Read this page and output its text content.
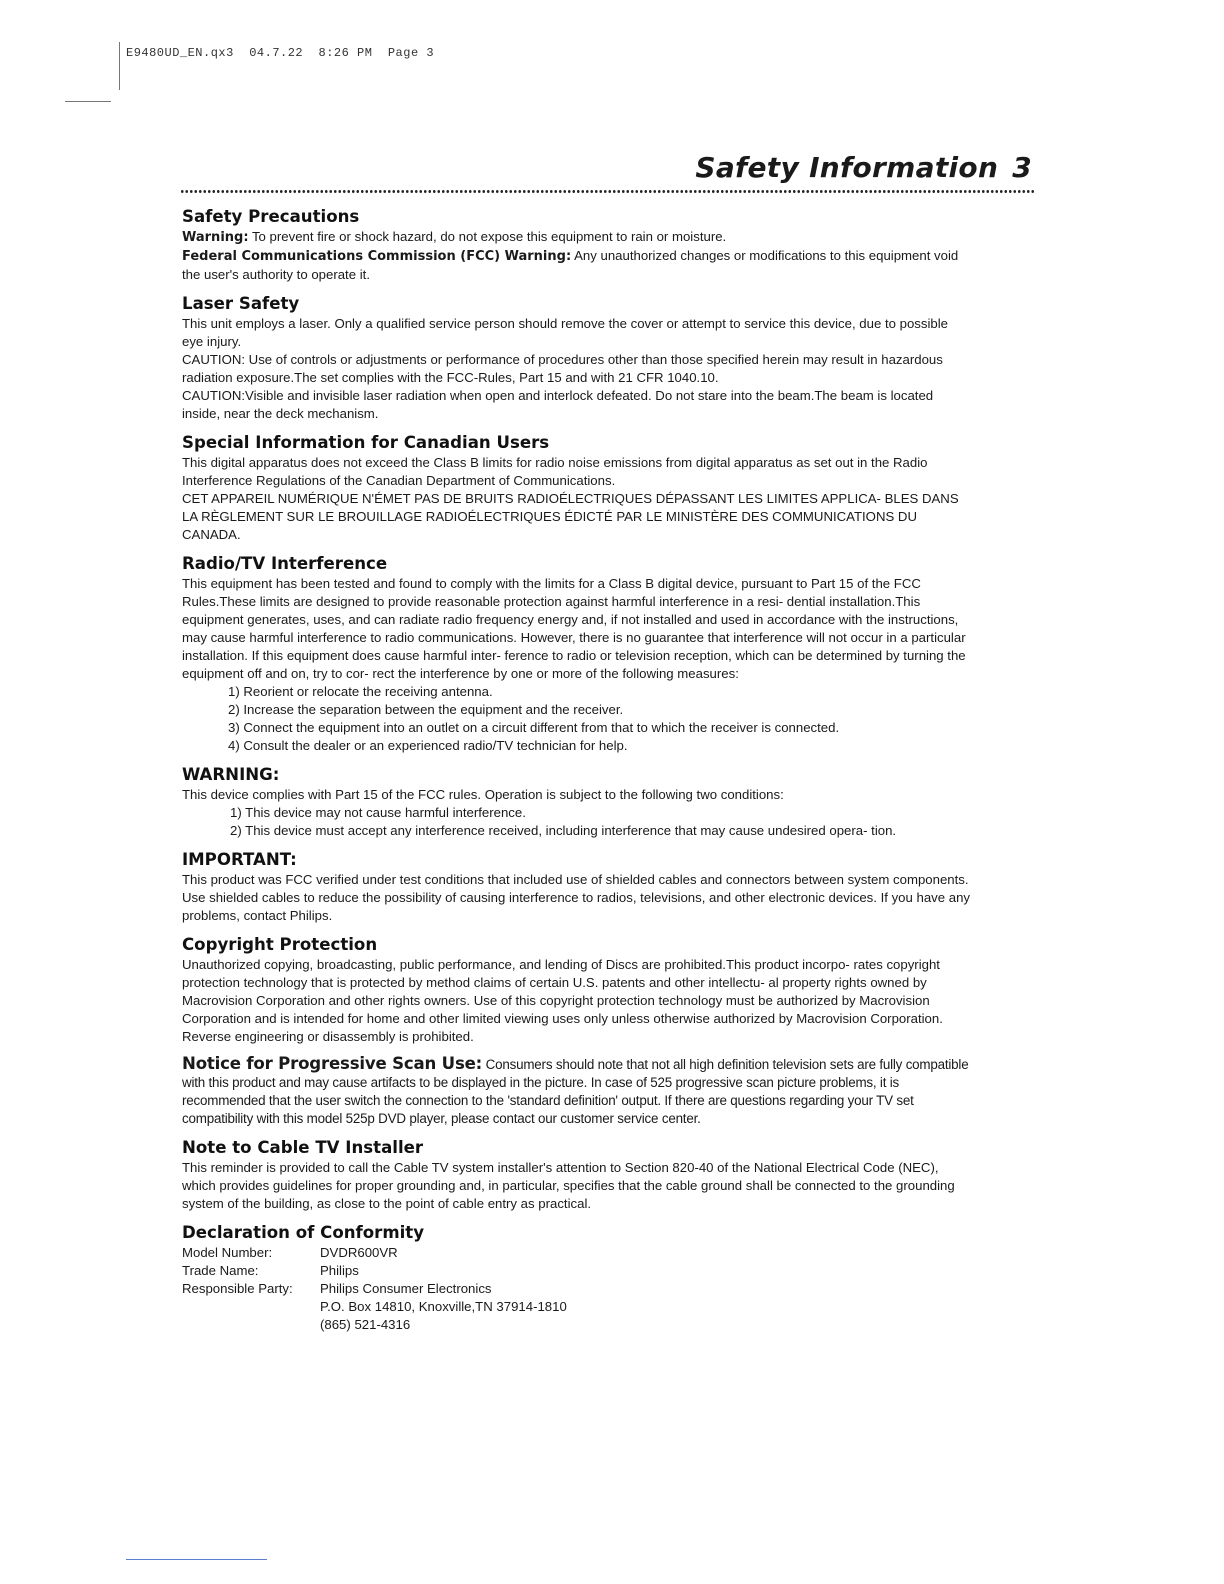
E9480UD_EN.qx3  04.7.22  8:26 PM  Page 3
Safety Information 3
Safety Precautions

Warning: To prevent fire or shock hazard, do not expose this equipment to rain or moisture.

Federal Communications Commission (FCC) Warning: Any unauthorized changes or modifications to this equipment void the user's authority to operate it.

Laser Safety

This unit employs a laser. Only a qualified service person should remove the cover or attempt to service this device, due to possible eye injury.

CAUTION: Use of controls or adjustments or performance of procedures other than those specified herein may result in hazardous radiation exposure.The set complies with the FCC-Rules, Part 15 and with 21 CFR 1040.10.

CAUTION:Visible and invisible laser radiation when open and interlock defeated. Do not stare into the beam.The beam is located inside, near the deck mechanism.

Special Information for Canadian Users

This digital apparatus does not exceed the Class B limits for radio noise emissions from digital apparatus as set out in the Radio Interference Regulations of the Canadian Department of Communications.

CET APPAREIL NUMÉRIQUE N'ÉMET PAS DE BRUITS RADIOÉLECTRIQUES DÉPASSANT LES LIMITES APPLICA- BLES DANS LA RÈGLEMENT SUR LE BROUILLAGE RADIOÉLECTRIQUES ÉDICTÉ PAR LE MINISTÈRE DES COMMUNICATIONS DU CANADA.

Radio/TV Interference

This equipment has been tested and found to comply with the limits for a Class B digital device, pursuant to Part 15 of the FCC Rules.These limits are designed to provide reasonable protection against harmful interference in a resi- dential installation.This equipment generates, uses, and can radiate radio frequency energy and, if not installed and used in accordance with the instructions, may cause harmful interference to radio communications. However, there is no guarantee that interference will not occur in a particular installation. If this equipment does cause harmful inter- ference to radio or television reception, which can be determined by turning the equipment off and on, try to cor- rect the interference by one or more of the following measures:

1) Reorient or relocate the receiving antenna.
2) Increase the separation between the equipment and the receiver.
3) Connect the equipment into an outlet on a circuit different from that to which the receiver is connected.
4) Consult the dealer or an experienced radio/TV technician for help.
WARNING:

This device complies with Part 15 of the FCC rules. Operation is subject to the following two conditions:

1) This device may not cause harmful interference.
2) This device must accept any interference received, including interference that may cause undesired opera- tion.
IMPORTANT:

This product was FCC verified under test conditions that included use of shielded cables and connectors between system components. Use shielded cables to reduce the possibility of causing interference to radios, televisions, and other electronic devices. If you have any problems, contact Philips.

Copyright Protection

Unauthorized copying, broadcasting, public performance, and lending of Discs are prohibited.This product incorpo- rates copyright protection technology that is protected by method claims of certain U.S. patents and other intellectu- al property rights owned by Macrovision Corporation and other rights owners. Use of this copyright protection technology must be authorized by Macrovision Corporation and is intended for home and other limited viewing uses only unless otherwise authorized by Macrovision Corporation. Reverse engineering or disassembly is prohibited.

Notice for Progressive Scan Use: Consumers should note that not all high definition television sets are fully compatible with this product and may cause artifacts to be displayed in the picture. In case of 525 progressive scan picture problems, it is recommended that the user switch the connection to the 'standard definition' output. If there are questions regarding your TV set compatibility with this model 525p DVD player, please contact our customer service center.

Note to Cable TV Installer

This reminder is provided to call the Cable TV system installer's attention to Section 820-40 of the National Electrical Code (NEC), which provides guidelines for proper grounding and, in particular, specifies that the cable ground shall be connected to the grounding system of the building, as close to the point of cable entry as practical.

Declaration of Conformity
Model Number:	DVDR600VR
Trade Name:	Philips
Responsible Party:	Philips Consumer Electronics
P.O. Box 14810, Knoxville,TN 37914-1810
(865) 521-4316
